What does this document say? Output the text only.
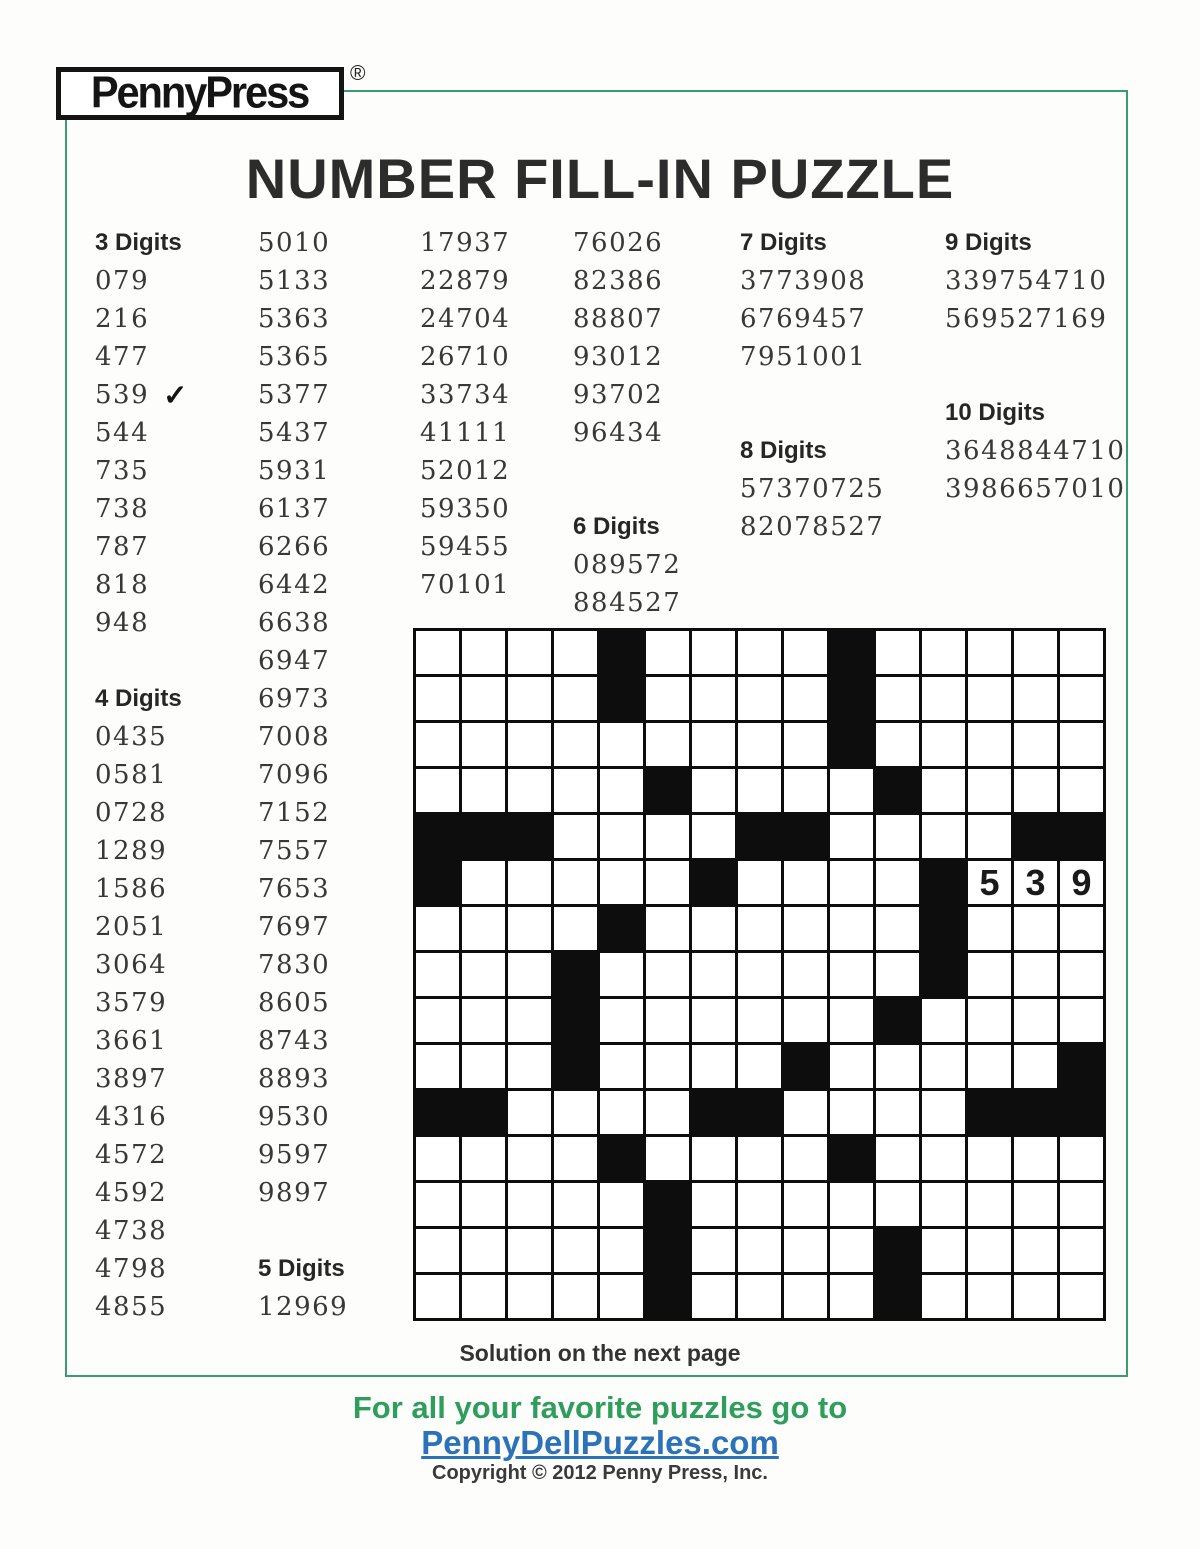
PennyPress ®
NUMBER FILL-IN PUZZLE
3 Digits
079
216
477
539 ✓
544
735
738
787
818
948
4 Digits
0435
0581
0728
1289
1586
2051
3064
3579
3661
3897
4316
4572
4592
4738
4798
4855
5010
5133
5363
5365
5377
5437
5931
6137
6266
6442
6638
6947
6973
7008
7096
7152
7557
7653
7697
7830
8605
8743
8893
9530
9597
9897
5 Digits
12969
17937
22879
24704
26710
33734
41111
52012
59350
59455
70101
76026
82386
88807
93012
93702
96434
6 Digits
089572
884527
7 Digits
3773908
6769457
7951001
8 Digits
57370725
82078527
9 Digits
339754710
569527169
10 Digits
3648844710
3986657010
5 3 9
Solution on the next page
For all your favorite puzzles go to
PennyDellPuzzles.com
Copyright © 2012 Penny Press, Inc.
